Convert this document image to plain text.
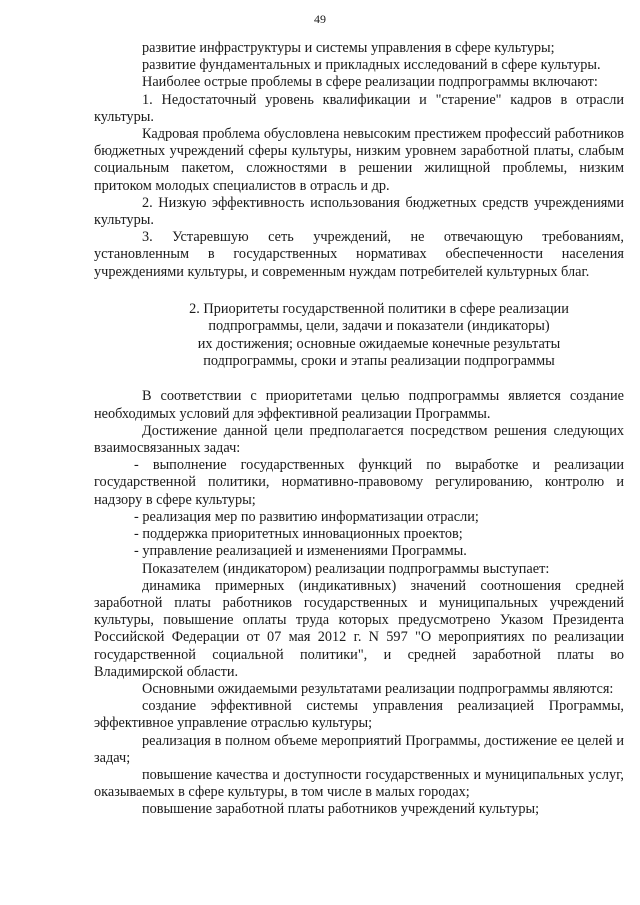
49

развитие инфраструктуры и системы управления в сфере культуры;

развитие фундаментальных и прикладных исследований в сфере культуры.

Наиболее острые проблемы в сфере реализации подпрограммы включают:

1. Недостаточный уровень квалификации и "старение" кадров в отрасли культуры.

Кадровая проблема обусловлена невысоким престижем профессий работников бюджетных учреждений сферы культуры, низким уровнем заработной платы, слабым социальным пакетом, сложностями в решении жилищной проблемы, низким притоком молодых специалистов в отрасль и др.

2. Низкую эффективность использования бюджетных средств учреждениями культуры.

3. Устаревшую сеть учреждений, не отвечающую требованиям, установленным в государственных нормативах обеспеченности населения учреждениями культуры, и современным нуждам потребителей культурных благ.

2. Приоритеты государственной политики в сфере реализации
подпрограммы, цели, задачи и показатели (индикаторы)
их достижения; основные ожидаемые конечные результаты
подпрограммы, сроки и этапы реализации подпрограммы

В соответствии с приоритетами целью подпрограммы является создание необходимых условий для эффективной реализации Программы.

Достижение данной цели предполагается посредством решения следующих взаимосвязанных задач:

- выполнение государственных функций по выработке и реализации государственной политики, нормативно-правовому регулированию, контролю и надзору в сфере культуры;

- реализация мер по развитию информатизации отрасли;

- поддержка приоритетных инновационных проектов;

- управление реализацией и изменениями Программы.

Показателем (индикатором) реализации подпрограммы выступает:

динамика примерных (индикативных) значений соотношения средней заработной платы работников государственных и муниципальных учреждений культуры, повышение оплаты труда которых предусмотрено Указом Президента Российской Федерации от 07 мая 2012 г. N 597 "О мероприятиях по реализации государственной социальной политики", и средней заработной платы во Владимирской области.

Основными ожидаемыми результатами реализации подпрограммы являются:

создание эффективной системы управления реализацией Программы, эффективное управление отраслью культуры;

реализация в полном объеме мероприятий Программы, достижение ее целей и задач;

повышение качества и доступности государственных и муниципальных услуг, оказываемых в сфере культуры, в том числе в малых городах;

повышение заработной платы работников учреждений культуры;
